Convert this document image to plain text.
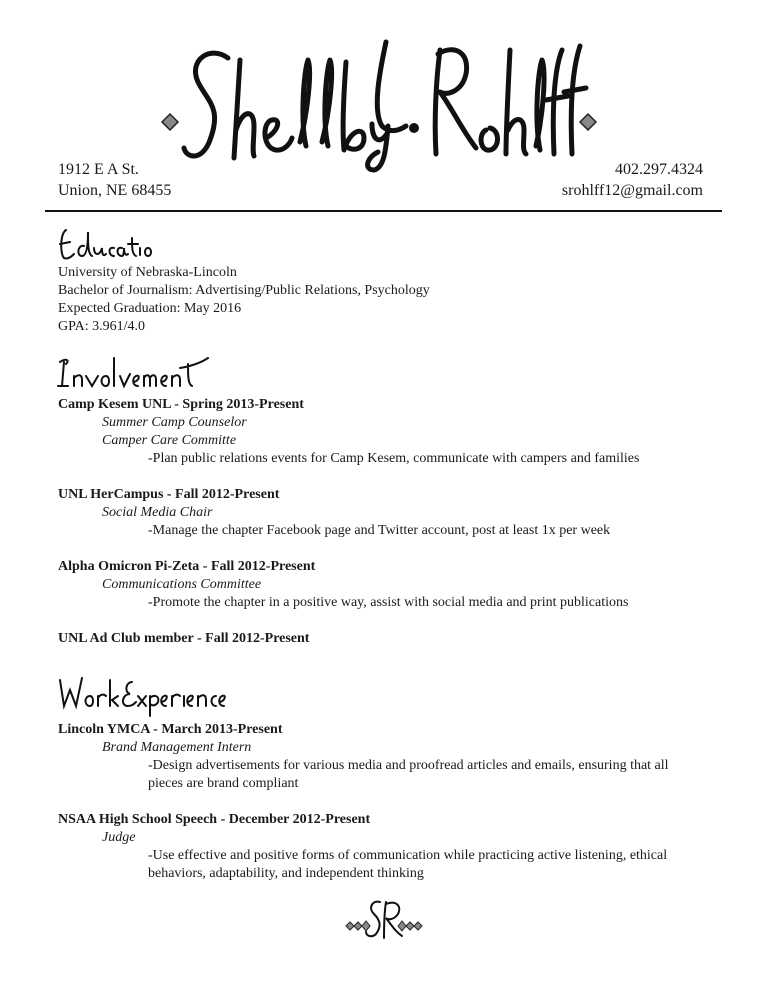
1912 E A St.
Union, NE 68455
402.297.4324
srohlff12@gmail.com
University of Nebraska-Lincoln
Bachelor of Journalism: Advertising/Public Relations, Psychology
Expected Graduation: May 2016
GPA: 3.961/4.0
Camp Kesem UNL - Spring 2013-Present
Summer Camp Counselor
Camper Care Committe
-Plan public relations events for Camp Kesem, communicate with campers and families
UNL HerCampus - Fall 2012-Present
Social Media Chair
-Manage the chapter Facebook page and Twitter account, post at least 1x per week
Alpha Omicron Pi-Zeta - Fall 2012-Present
Communications Committee
-Promote the chapter in a positive way, assist with social media and print publications
UNL Ad Club member - Fall 2012-Present
Lincoln YMCA - March 2013-Present
Brand Management Intern
-Design advertisements for various media and proofread articles and emails, ensuring that all
pieces are brand compliant
NSAA High School Speech - December 2012-Present
Judge
-Use effective and positive forms of communication while practicing active listening, ethical
behaviors, adaptability, and independent thinking
